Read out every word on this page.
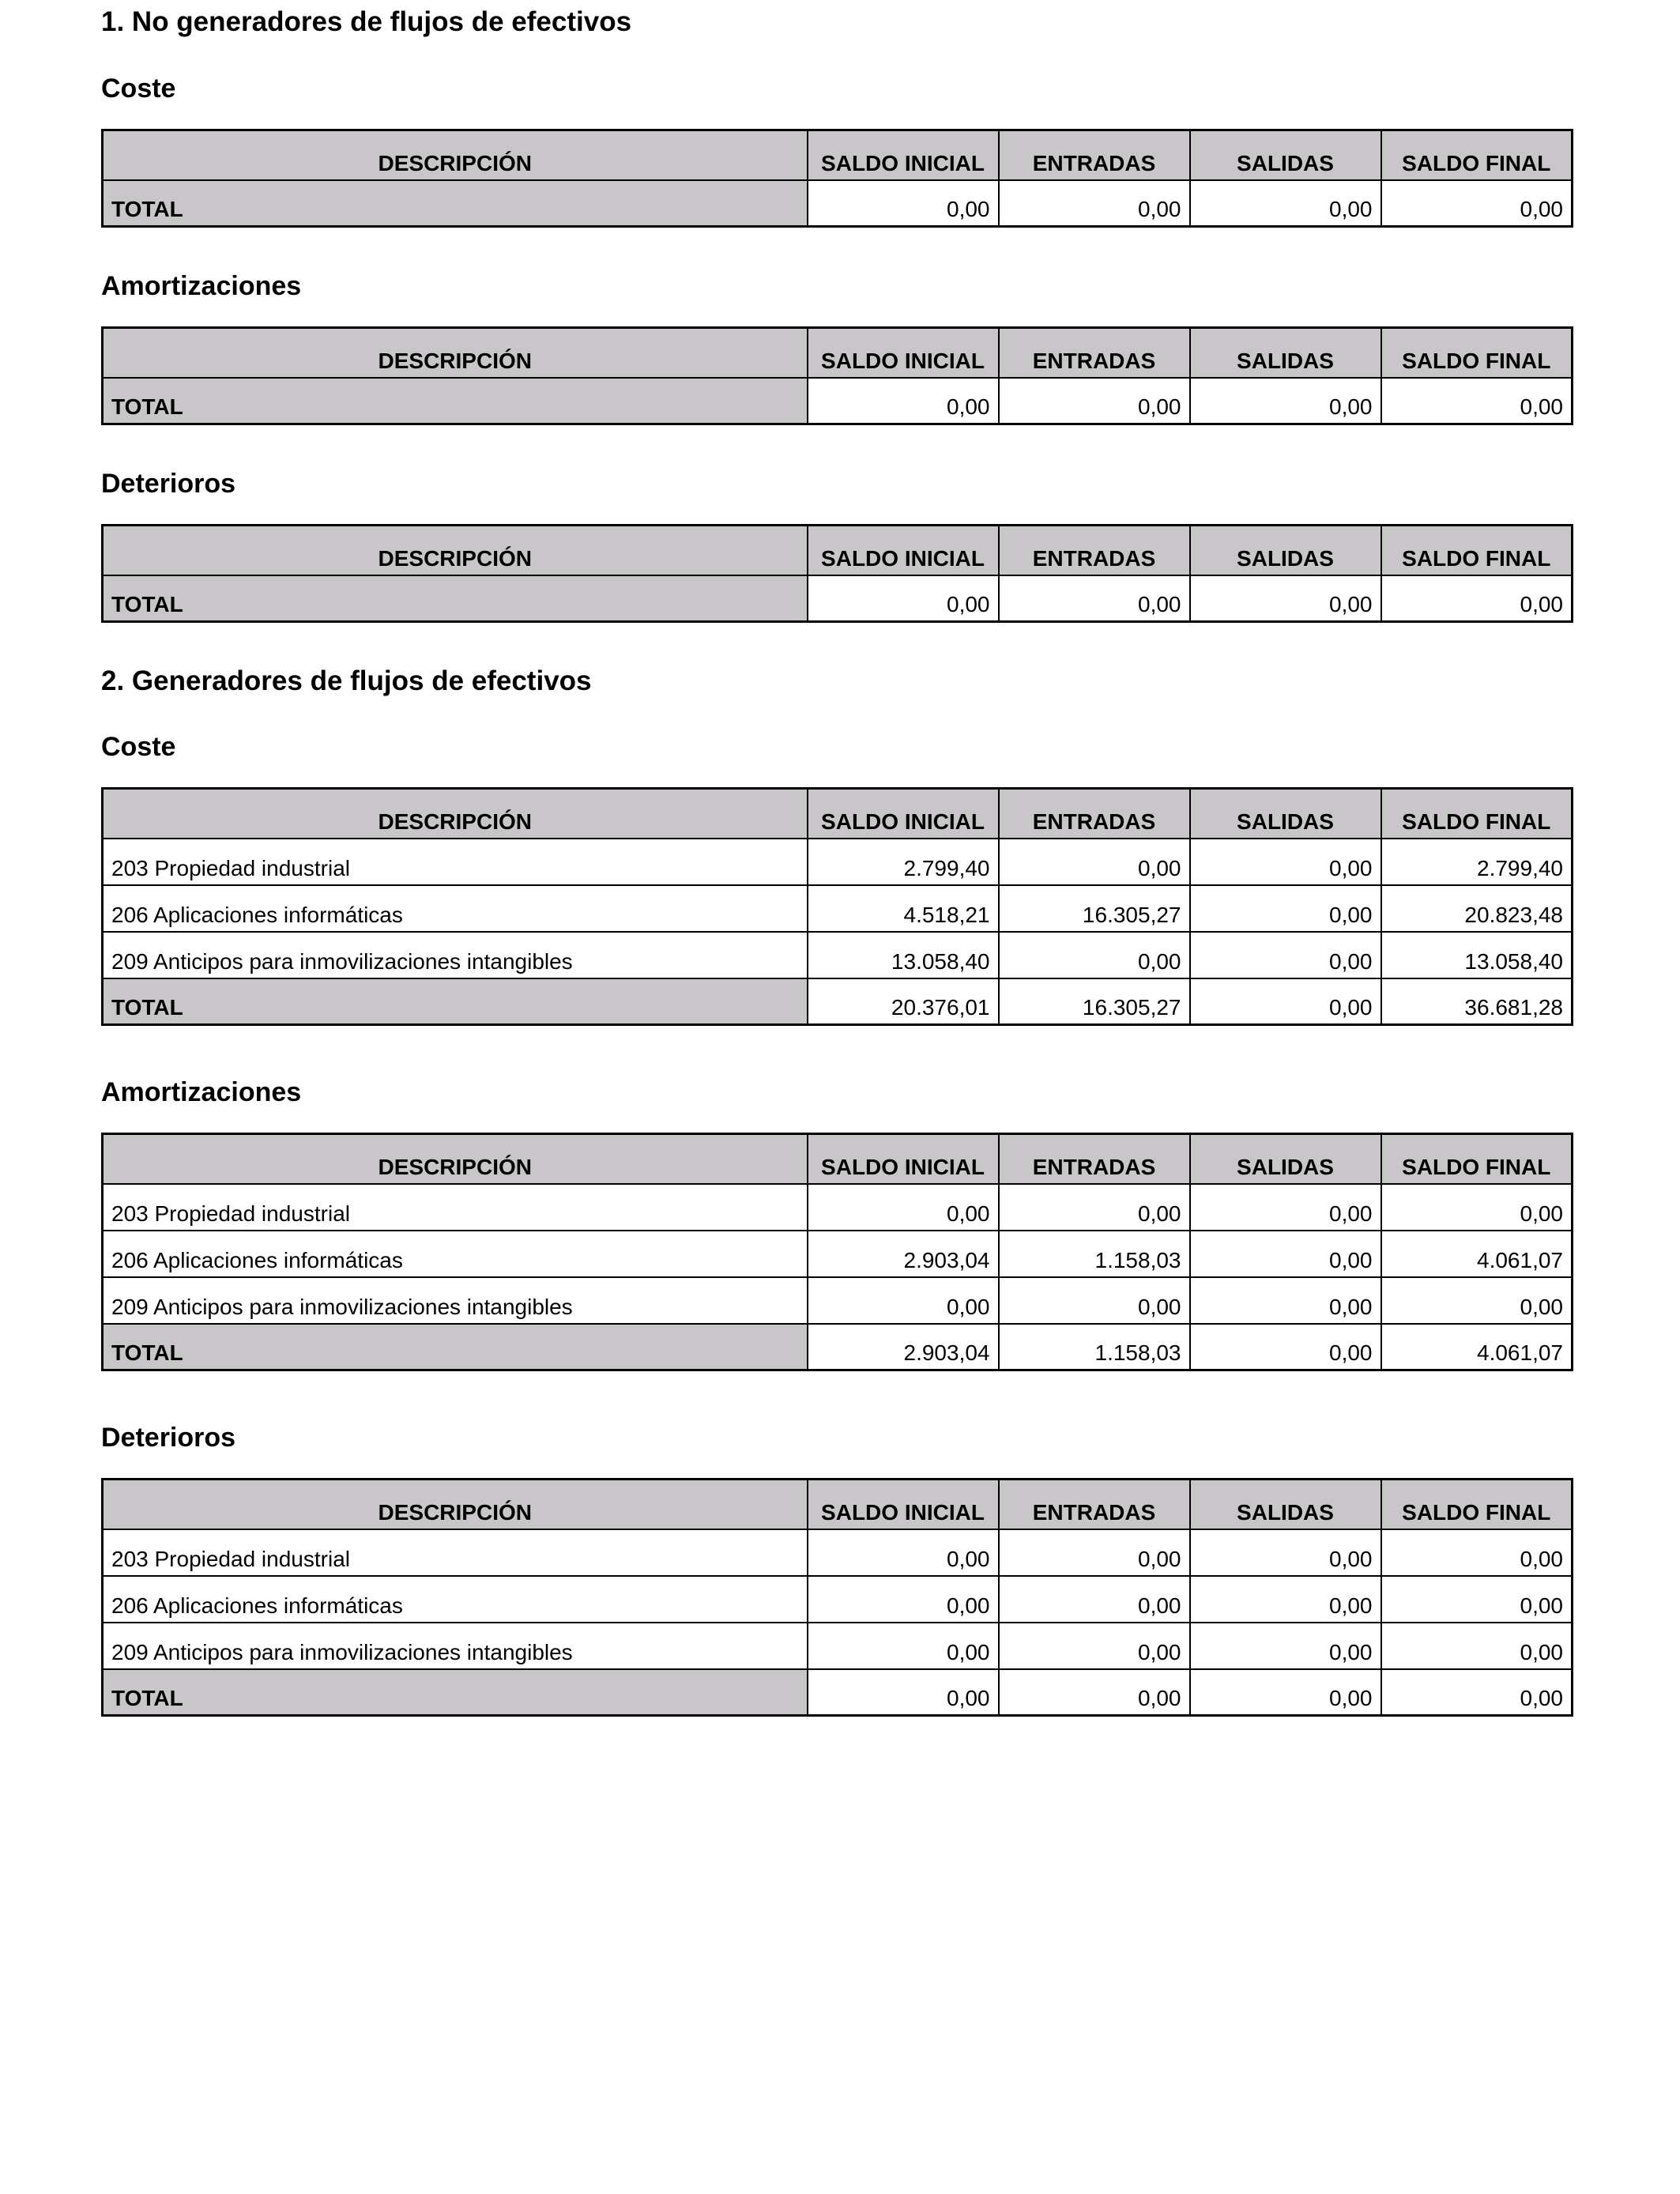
1. No generadores de flujos de efectivos
Coste
DESCRIPCIÓN	SALDO INICIAL	ENTRADAS	SALIDAS	SALDO FINAL
TOTAL	0,00	0,00	0,00	0,00
Amortizaciones
DESCRIPCIÓN	SALDO INICIAL	ENTRADAS	SALIDAS	SALDO FINAL
TOTAL	0,00	0,00	0,00	0,00
Deterioros
DESCRIPCIÓN	SALDO INICIAL	ENTRADAS	SALIDAS	SALDO FINAL
TOTAL	0,00	0,00	0,00	0,00
2. Generadores de flujos de efectivos
Coste
DESCRIPCIÓN	SALDO INICIAL	ENTRADAS	SALIDAS	SALDO FINAL
203 Propiedad industrial	2.799,40	0,00	0,00	2.799,40
206 Aplicaciones informáticas	4.518,21	16.305,27	0,00	20.823,48
209 Anticipos para inmovilizaciones intangibles	13.058,40	0,00	0,00	13.058,40
TOTAL	20.376,01	16.305,27	0,00	36.681,28
Amortizaciones
DESCRIPCIÓN	SALDO INICIAL	ENTRADAS	SALIDAS	SALDO FINAL
203 Propiedad industrial	0,00	0,00	0,00	0,00
206 Aplicaciones informáticas	2.903,04	1.158,03	0,00	4.061,07
209 Anticipos para inmovilizaciones intangibles	0,00	0,00	0,00	0,00
TOTAL	2.903,04	1.158,03	0,00	4.061,07
Deterioros
DESCRIPCIÓN	SALDO INICIAL	ENTRADAS	SALIDAS	SALDO FINAL
203 Propiedad industrial	0,00	0,00	0,00	0,00
206 Aplicaciones informáticas	0,00	0,00	0,00	0,00
209 Anticipos para inmovilizaciones intangibles	0,00	0,00	0,00	0,00
TOTAL	0,00	0,00	0,00	0,00
